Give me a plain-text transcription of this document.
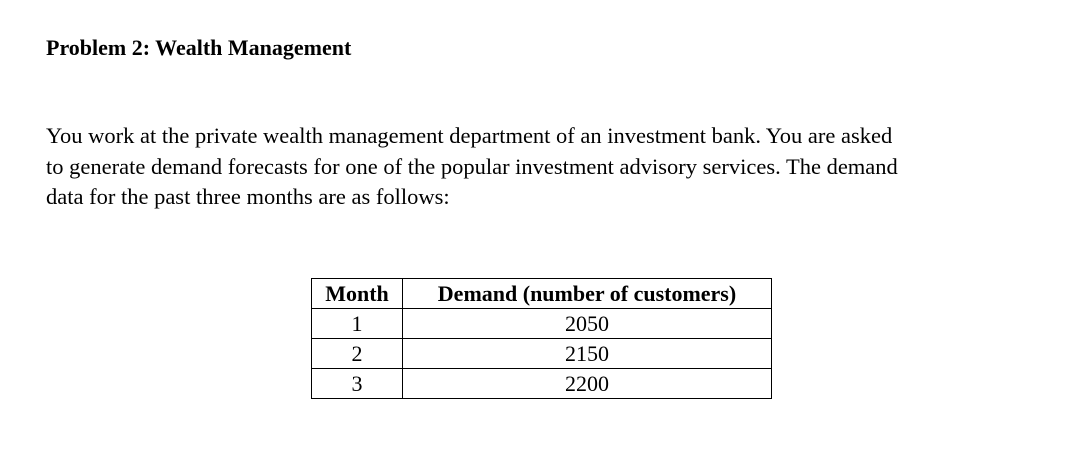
Problem 2: Wealth Management
You work at the private wealth management department of an investment bank. You are asked
to generate demand forecasts for one of the popular investment advisory services. The demand
data for the past three months are as follows:
Month	Demand (number of customers)
1	2050
2	2150
3	2200
